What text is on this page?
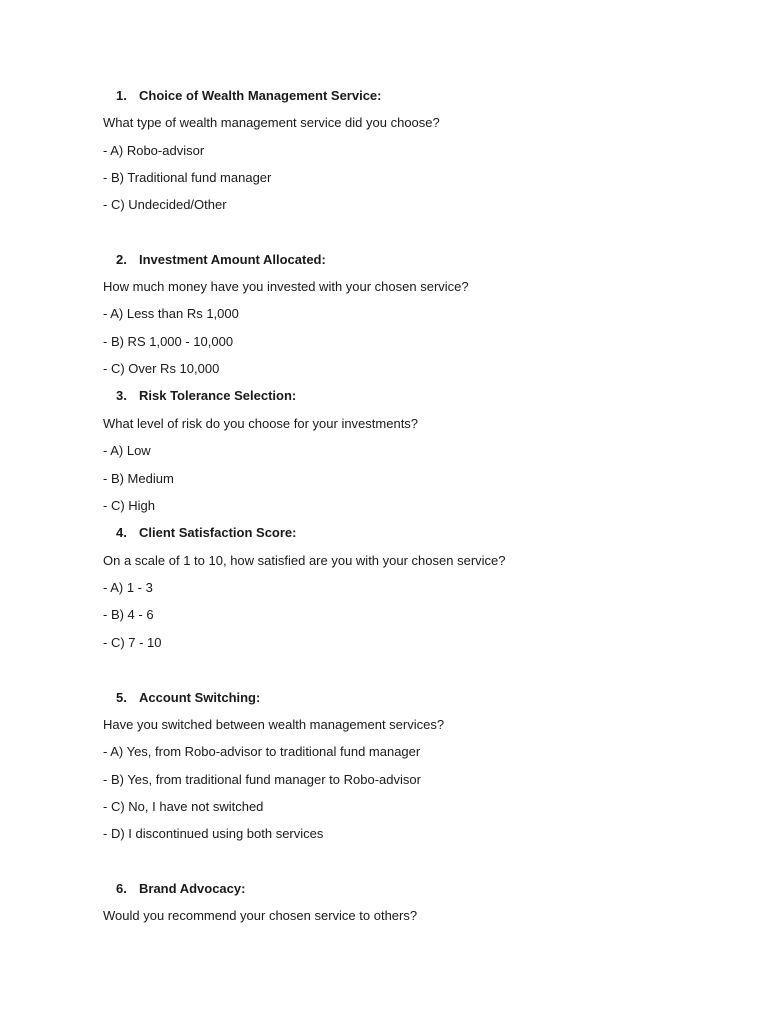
1. Choice of Wealth Management Service:
What type of wealth management service did you choose?
- A) Robo-advisor
- B) Traditional fund manager
- C) Undecided/Other
2. Investment Amount Allocated:
How much money have you invested with your chosen service?
- A) Less than Rs 1,000
- B) RS 1,000 - 10,000
- C) Over Rs 10,000
3. Risk Tolerance Selection:
What level of risk do you choose for your investments?
- A) Low
- B) Medium
- C) High
4. Client Satisfaction Score:
On a scale of 1 to 10, how satisfied are you with your chosen service?
- A) 1 - 3
- B) 4 - 6
- C) 7 - 10
5. Account Switching:
Have you switched between wealth management services?
- A) Yes, from Robo-advisor to traditional fund manager
- B) Yes, from traditional fund manager to Robo-advisor
- C) No, I have not switched
- D) I discontinued using both services
6. Brand Advocacy:
Would you recommend your chosen service to others?
